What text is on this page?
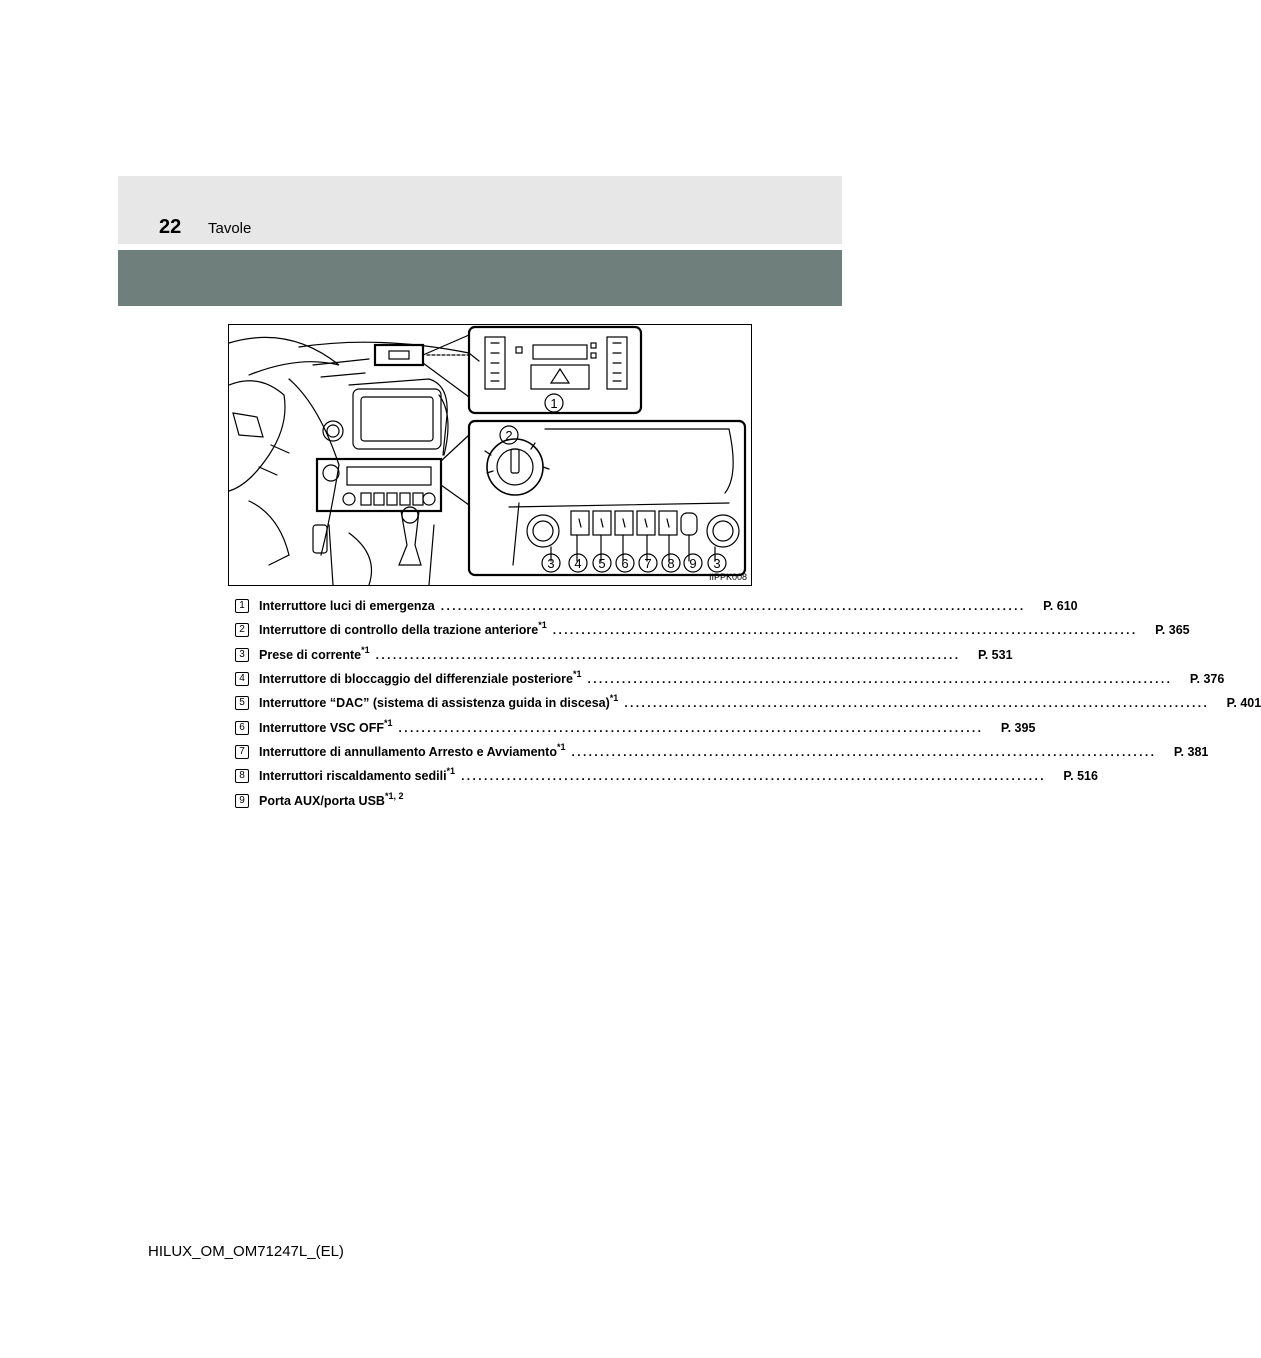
22 Tavole
1
2
3 4 5 6 7 8 9 3
IIPPK008
1	Interruttore luci di emergenza ......................................................................................................	P. 610
2	Interruttore di controllo della trazione anteriore$^{*1}$ ......................................................................................................	P. 365
3	Prese di corrente$^{*1}$ ......................................................................................................	P. 531
4	Interruttore di bloccaggio del differenziale posteriore$^{*1}$ ......................................................................................................	P. 376
5	Interruttore “DAC” (sistema di assistenza guida in discesa)$^{*1}$ ......................................................................................................	P. 401
6	Interruttore VSC OFF$^{*1}$ ......................................................................................................	P. 395
7	Interruttore di annullamento Arresto e Avviamento$^{*1}$ ......................................................................................................	P. 381
8	Interruttori riscaldamento sedili$^{*1}$ ......................................................................................................	P. 516
9	Porta AUX/porta USB$^{*1, 2}$
HILUX_OM_OM71247L_(EL)
